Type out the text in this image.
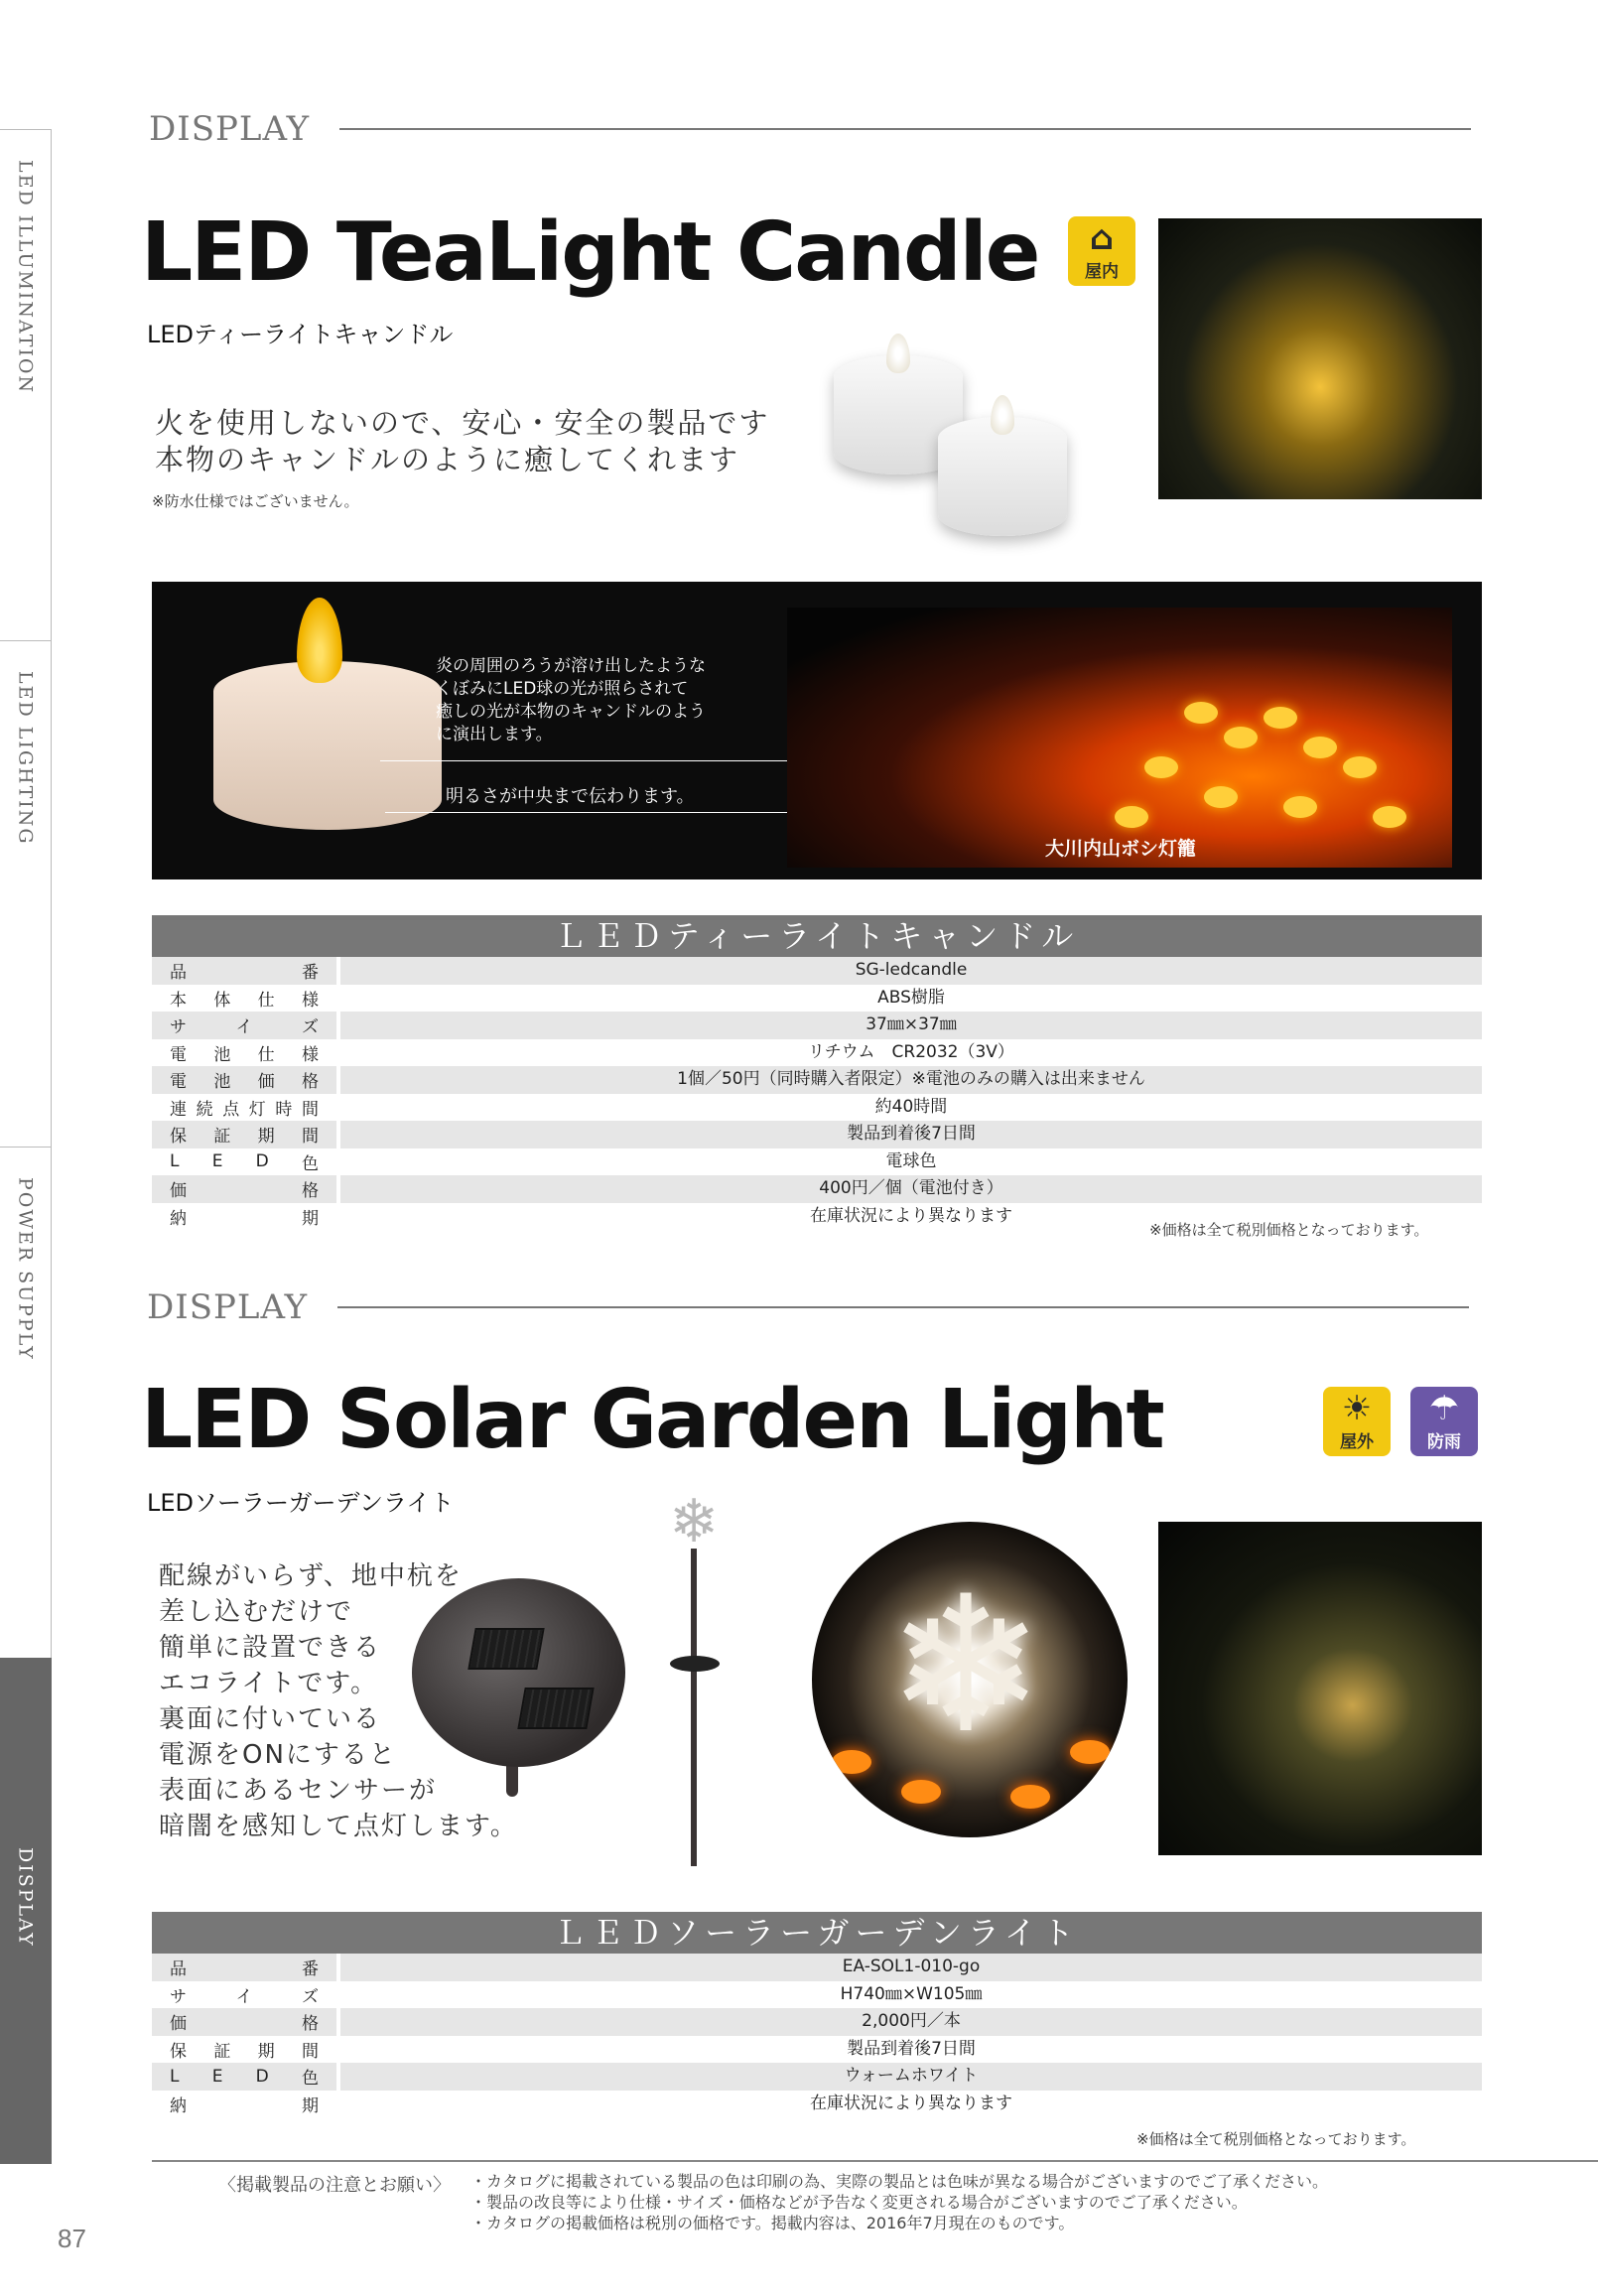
LED ILLUMINATION
LED LIGHTING
POWER SUPPLY
DISPLAY
87
DISPLAY
LED TeaLight Candle
LEDティーライトキャンドル
⌂
屋内
火を使用しないので、安心・安全の製品です
本物のキャンドルのように癒してくれます
※防水仕様ではございません。
炎の周囲のろうが溶け出したような
くぼみにLED球の光が照らされて
癒しの光が本物のキャンドルのよう
に演出します。
明るさが中央まで伝わります。
大川内山ボシ灯籠
ＬＥＤティーライトキャンドル
品	番	SG-ledcandle
本 体 仕 様	ABS樹脂
サ	イ	ズ	37㎜×37㎜
電 池 仕 様	リチウム　CR2032（3V）
電 池 価 格	1個／50円（同時購入者限定）※電池のみの購入は出来ません
連 続 点 灯 時 間	約40時間
保 証 期 間	製品到着後7日間
L E D 色	電球色
価	格	400円／個（電池付き）
納	期	在庫状況により異なります
※価格は全て税別価格となっております。
DISPLAY
LED Solar Garden Light
LEDソーラーガーデンライト
☀
屋外
☂
防雨
配線がいらず、地中杭を
差し込むだけで
簡単に設置できる
エコライトです。
裏面に付いている
電源をONにすると
表面にあるセンサーが
暗闇を感知して点灯します。
❄
❄
ＬＥＤソーラーガーデンライト
品	番	EA-SOL1-010-go
サ	イ	ズ	H740㎜×W105㎜
価	格	2,000円／本
保 証 期 間	製品到着後7日間
L E D 色	ウォームホワイト
納	期	在庫状況により異なります
※価格は全て税別価格となっております。
〈掲載製品の注意とお願い〉 ・カタログに掲載されている製品の色は印刷の為、実際の製品とは色味が異なる場合がございますのでご了承ください。
・製品の改良等により仕様・サイズ・価格などが予告なく変更される場合がございますのでご了承ください。
・カタログの掲載価格は税別の価格です。掲載内容は、2016年7月現在のものです。
